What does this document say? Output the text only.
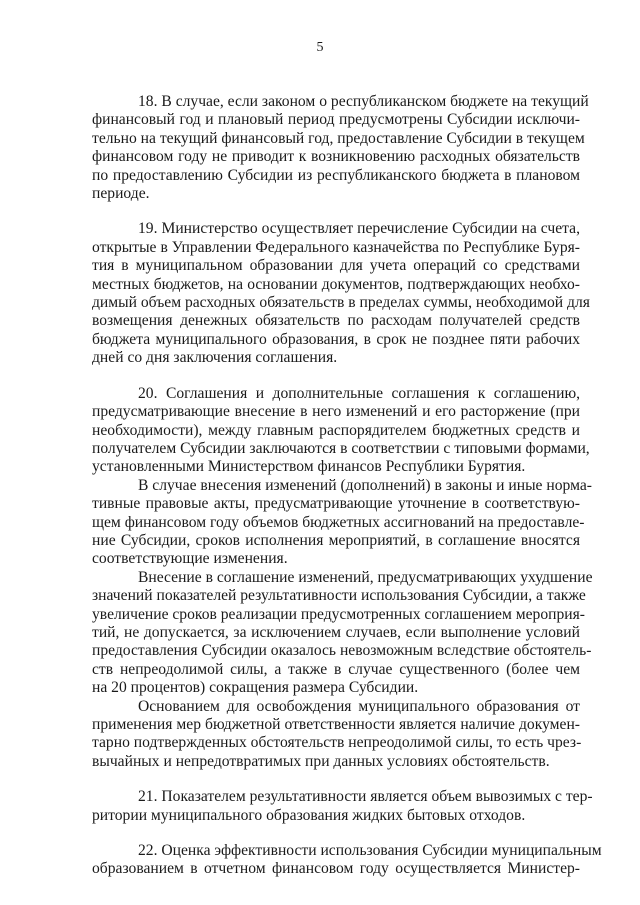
5
18. В случае, если законом о республиканском бюджете на текущий
финансовый год и плановый период предусмотрены Субсидии исключи-
тельно на текущий финансовый год, предоставление Субсидии в текущем
финансовом году не приводит к возникновению расходных обязательств
по предоставлению Субсидии из республиканского бюджета в плановом
периоде.
19. Министерство осуществляет перечисление Субсидии на счета,
открытые в Управлении Федерального казначейства по Республике Буря-
тия в муниципальном образовании для учета операций со средствами
местных бюджетов, на основании документов, подтверждающих необхо-
димый объем расходных обязательств в пределах суммы, необходимой для
возмещения денежных обязательств по расходам получателей средств
бюджета муниципального образования, в срок не позднее пяти рабочих
дней со дня заключения соглашения.
20. Соглашения и дополнительные соглашения к соглашению,
предусматривающие внесение в него изменений и его расторжение (при
необходимости), между главным распорядителем бюджетных средств и
получателем Субсидии заключаются в соответствии с типовыми формами,
установленными Министерством финансов Республики Бурятия.
В случае внесения изменений (дополнений) в законы и иные норма-
тивные правовые акты, предусматривающие уточнение в соответствую-
щем финансовом году объемов бюджетных ассигнований на предоставле-
ние Субсидии, сроков исполнения мероприятий, в соглашение вносятся
соответствующие изменения.
Внесение в соглашение изменений, предусматривающих ухудшение
значений показателей результативности использования Субсидии, а также
увеличение сроков реализации предусмотренных соглашением мероприя-
тий, не допускается, за исключением случаев, если выполнение условий
предоставления Субсидии оказалось невозможным вследствие обстоятель-
ств непреодолимой силы, а также в случае существенного (более чем
на 20 процентов) сокращения размера Субсидии.
Основанием для освобождения муниципального образования от
применения мер бюджетной ответственности является наличие докумен-
тарно подтвержденных обстоятельств непреодолимой силы, то есть чрез-
вычайных и непредотвратимых при данных условиях обстоятельств.
21. Показателем результативности является объем вывозимых с тер-
ритории муниципального образования жидких бытовых отходов.
22. Оценка эффективности использования Субсидии муниципальным
образованием в отчетном финансовом году осуществляется Министер-
